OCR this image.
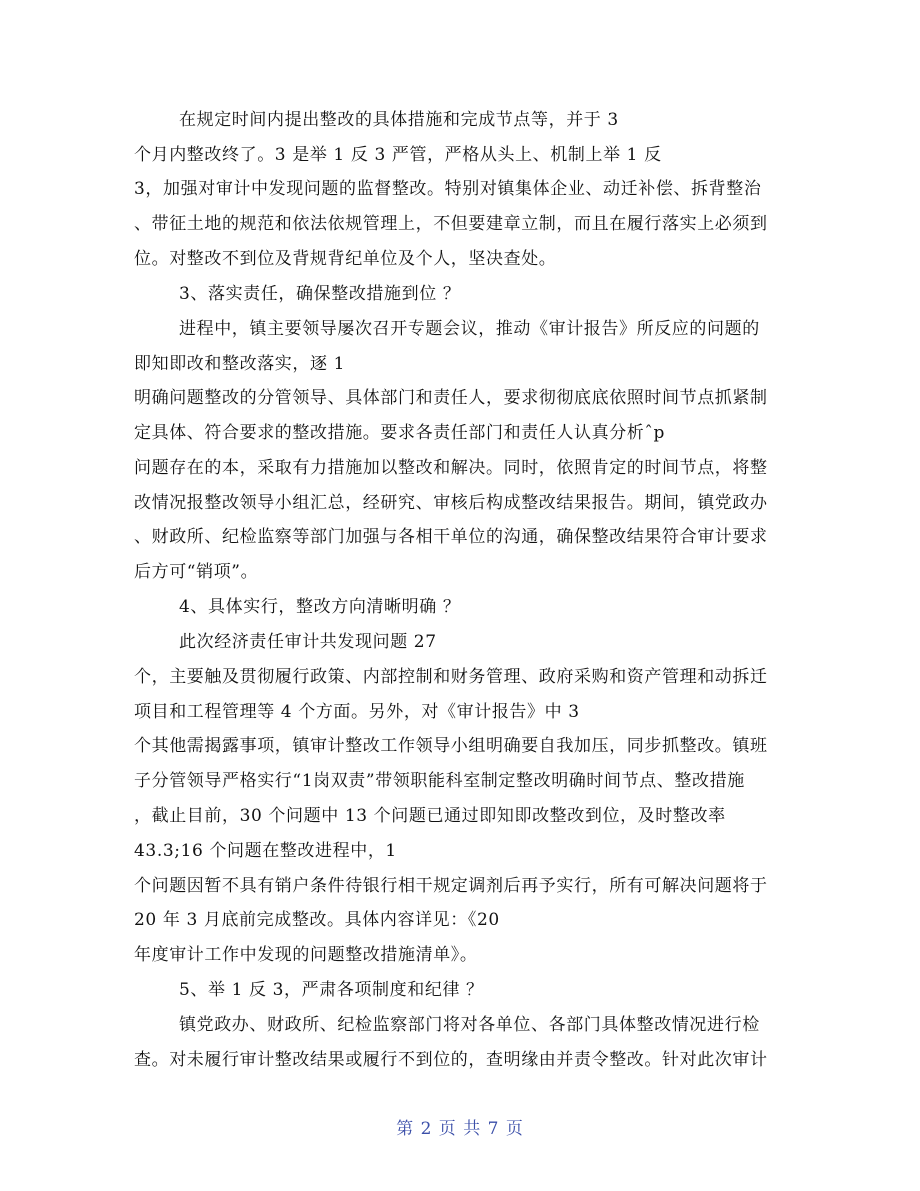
在规定时间内提出整改的具体措施和完成节点等，并于 3
个月内整改终了。3 是举 1 反 3 严管，严格从头上、机制上举 1 反
3，加强对审计中发现问题的监督整改。特别对镇集体企业、动迁补偿、拆背整治
、带征土地的规范和依法依规管理上，不但要建章立制，而且在履行落实上必须到
位。对整改不到位及背规背纪单位及个人，坚决查处。
3、落实责任，确保整改措施到位 ？
进程中，镇主要领导屡次召开专题会议，推动《审计报告》所反应的问题的
即知即改和整改落实，逐 1
明确问题整改的分管领导、具体部门和责任人，要求彻彻底底依照时间节点抓紧制
定具体、符合要求的整改措施。要求各责任部门和责任人认真分析ˆp
问题存在的本，采取有力措施加以整改和解决。同时，依照肯定的时间节点，将整
改情况报整改领导小组汇总，经研究、审核后构成整改结果报告。期间，镇党政办
、财政所、纪检监察等部门加强与各相干单位的沟通，确保整改结果符合审计要求
后方可“销项”。
4、具体实行，整改方向清晰明确 ？
此次经济责任审计共发现问题 27
个，主要触及贯彻履行政策、内部控制和财务管理、政府采购和资产管理和动拆迁
项目和工程管理等 4 个方面。另外，对《审计报告》中 3
个其他需揭露事项，镇审计整改工作领导小组明确要自我加压，同步抓整改。镇班
子分管领导严格实行“1岗双责”带领职能科室制定整改明确时间节点、整改措施
，截止目前，30 个问题中 13 个问题已通过即知即改整改到位，及时整改率
43.3;16 个问题在整改进程中，1
个问题因暂不具有销户条件待银行相干规定调剂后再予实行，所有可解决问题将于
20 年 3 月底前完成整改。具体内容详见：《20
年度审计工作中发现的问题整改措施清单》。
5、举 1 反 3，严肃各项制度和纪律 ？
镇党政办、财政所、纪检监察部门将对各单位、各部门具体整改情况进行检
查。对未履行审计整改结果或履行不到位的，查明缘由并责令整改。针对此次审计
第 2 页 共 7 页
